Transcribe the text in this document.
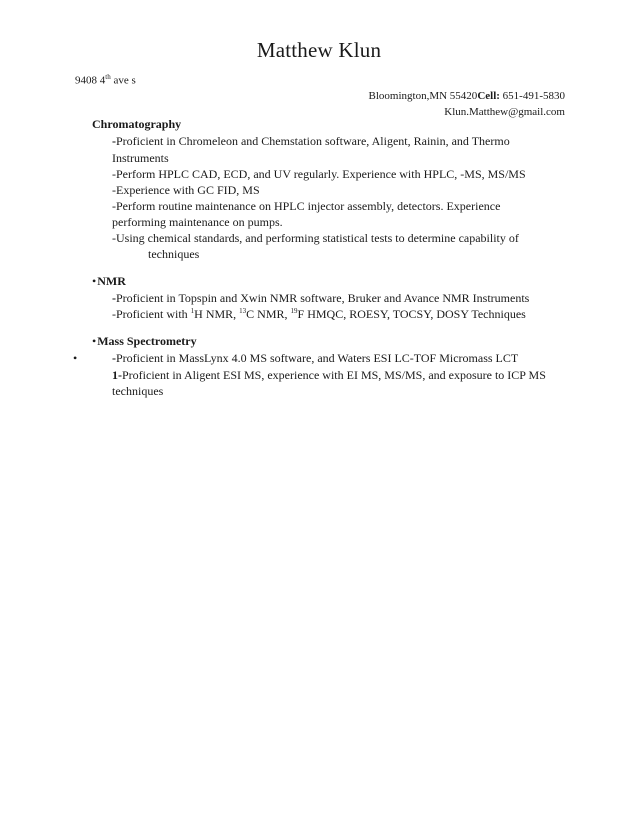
Matthew Klun
9408 4th ave s
Bloomington,MN 55420Cell: 651-491-5830
Klun.Matthew@gmail.com
Chromatography
-Proficient in Chromeleon and Chemstation software, Aligent, Rainin, and Thermo
Instruments
-Perform HPLC CAD, ECD, and UV regularly. Experience with HPLC, -MS, MS/MS
-Experience with GC FID, MS
-Perform routine maintenance on HPLC injector assembly, detectors. Experience
performing maintenance on pumps.
-Using chemical standards, and performing statistical tests to determine capability of
techniques
•NMR
-Proficient in Topspin and Xwin NMR software, Bruker and Avance NMR Instruments
-Proficient with $^1$H NMR, $^{13}$C NMR, $^{19}$F HMQC, ROESY, TOCSY, DOSY Techniques
•Mass Spectrometry
•	-Proficient in MassLynx 4.0 MS software, and Waters ESI LC-TOF Micromass LCT
1-Proficient in Aligent ESI MS, experience with EI MS, MS/MS, and exposure to ICP MS
techniques
